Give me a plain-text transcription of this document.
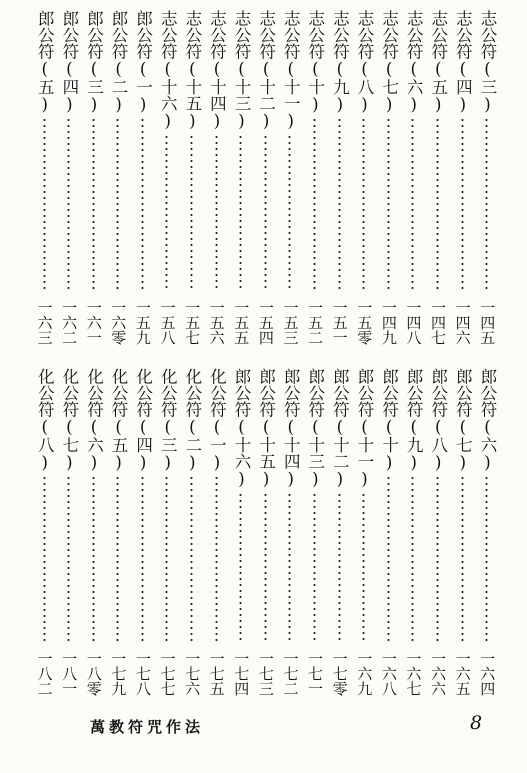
志公符(三)
一四五
志公符(四)
一四六
志公符(五)
一四七
志公符(六)
一四八
志公符(七)
一四九
志公符(八)
一五零
志公符(九)
一五一
志公符(十)
一五二
志公符(十一)
一五三
志公符(十二)
一五四
志公符(十三)
一五五
志公符(十四)
一五六
志公符(十五)
一五七
志公符(十六)
一五八
郎公符(一)
一五九
郎公符(二)
一六零
郎公符(三)
一六一
郎公符(四)
一六二
郎公符(五)
一六三
郎公符(六)
一六四
郎公符(七)
一六五
郎公符(八)
一六六
郎公符(九)
一六七
郎公符(十)
一六八
郎公符(十一)
一六九
郎公符(十二)
一七零
郎公符(十三)
一七一
郎公符(十四)
一七二
郎公符(十五)
一七三
郎公符(十六)
一七四
化公符(一)
一七五
化公符(二)
一七六
化公符(三)
一七七
化公符(四)
一七八
化公符(五)
一七九
化公符(六)
一八零
化公符(七)
一八一
化公符(八)
一八二
萬教符咒作法	8
